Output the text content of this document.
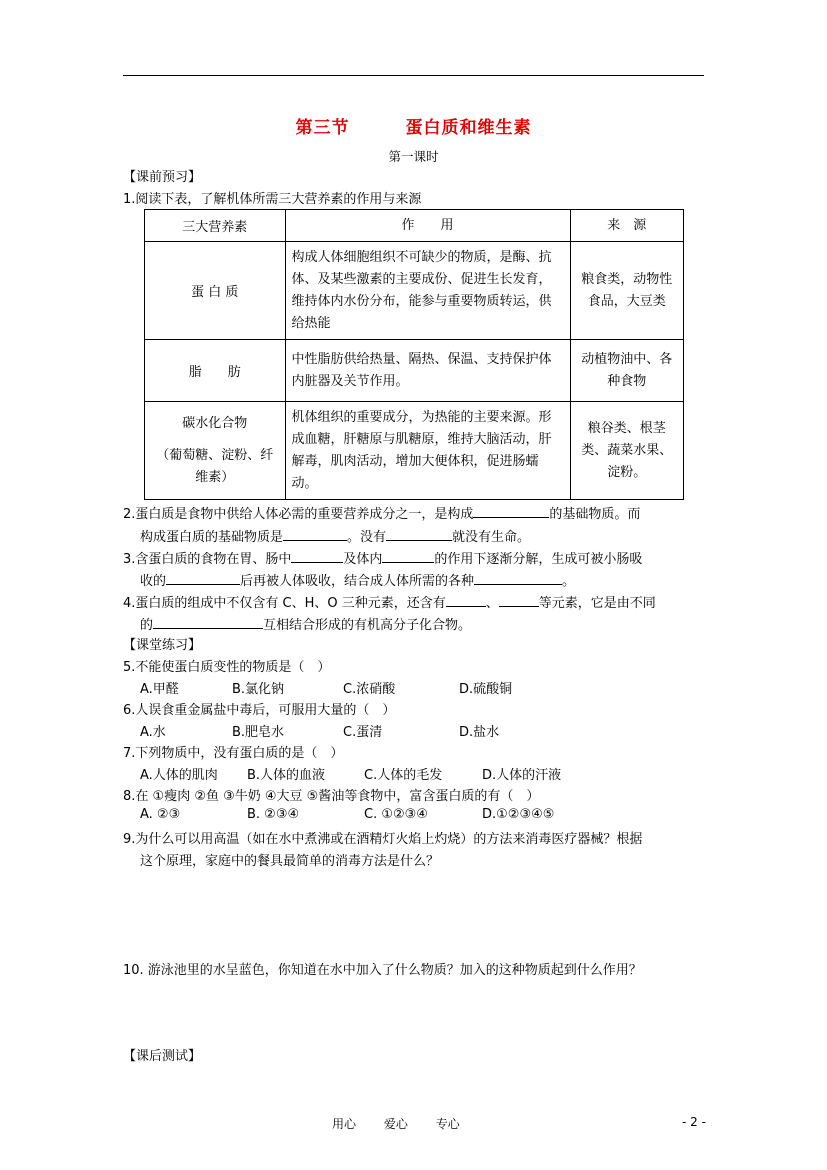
第三节	蛋白质和维生素
第一课时
【课前预习】
1.阅读下表，了解机体所需三大营养素的作用与来源
三大营养素	作　　用	来　源
蛋 白 质	构成人体细胞组织不可缺少的物质，是酶、抗体、及某些激素的主要成份、促进生长发育，维持体内水份分布，能参与重要物质转运，供给热能	粮食类，动物性食品，大豆类
脂　　肪	中性脂肪供给热量、隔热、保温、支持保护体内脏器及关节作用。	动植物油中、各种食物

碳水化合物
（葡萄糖、淀粉、纤维素）	机体组织的重要成分，为热能的主要来源。形成血糖，肝糖原与肌糖原，维持大脑活动，肝解毒，肌肉活动，增加大便体积，促进肠蠕动。	粮谷类、根茎类、蔬菜水果、淀粉。
2.蛋白质是食物中供给人体必需的重要营养成分之一，是构成	的基础物质。而
构成蛋白质的基础物质是	。没有	就没有生命。
3.含蛋白质的食物在胃、肠中	及体内	的作用下逐渐分解，生成可被小肠吸
收的	后再被人体吸收，结合成人体所需的各种	。
4.蛋白质的组成中不仅含有 C、H、O 三种元素，还含有	、	等元素，它是由不同
的	互相结合形成的有机高分子化合物。
【课堂练习】
5.不能使蛋白质变性的物质是（　）
A.甲醛	B.氯化钠	C.浓硝酸	D.硫酸铜
6.人误食重金属盐中毒后，可服用大量的（　）
A.水	B.肥皂水	C.蛋清	D.盐水
7.下列物质中，没有蛋白质的是（　）
A.人体的肌肉 B.人体的血液	C.人体的毛发	D.人体的汗液
8.在 ①瘦肉 ②鱼 ③牛奶 ④大豆 ⑤酱油等食物中，富含蛋白质的有（　）
A. ②③	B. ②③④	C. ①②③④	D.①②③④⑤
9.为什么可以用高温（如在水中煮沸或在酒精灯火焰上灼烧）的方法来消毒医疗器械？根据
这个原理，家庭中的餐具最简单的消毒方法是什么？
10. 游泳池里的水呈蓝色，你知道在水中加入了什么物质？加入的这种物质起到什么作用？
【课后测试】
用心 爱心 专心	- 2 -
